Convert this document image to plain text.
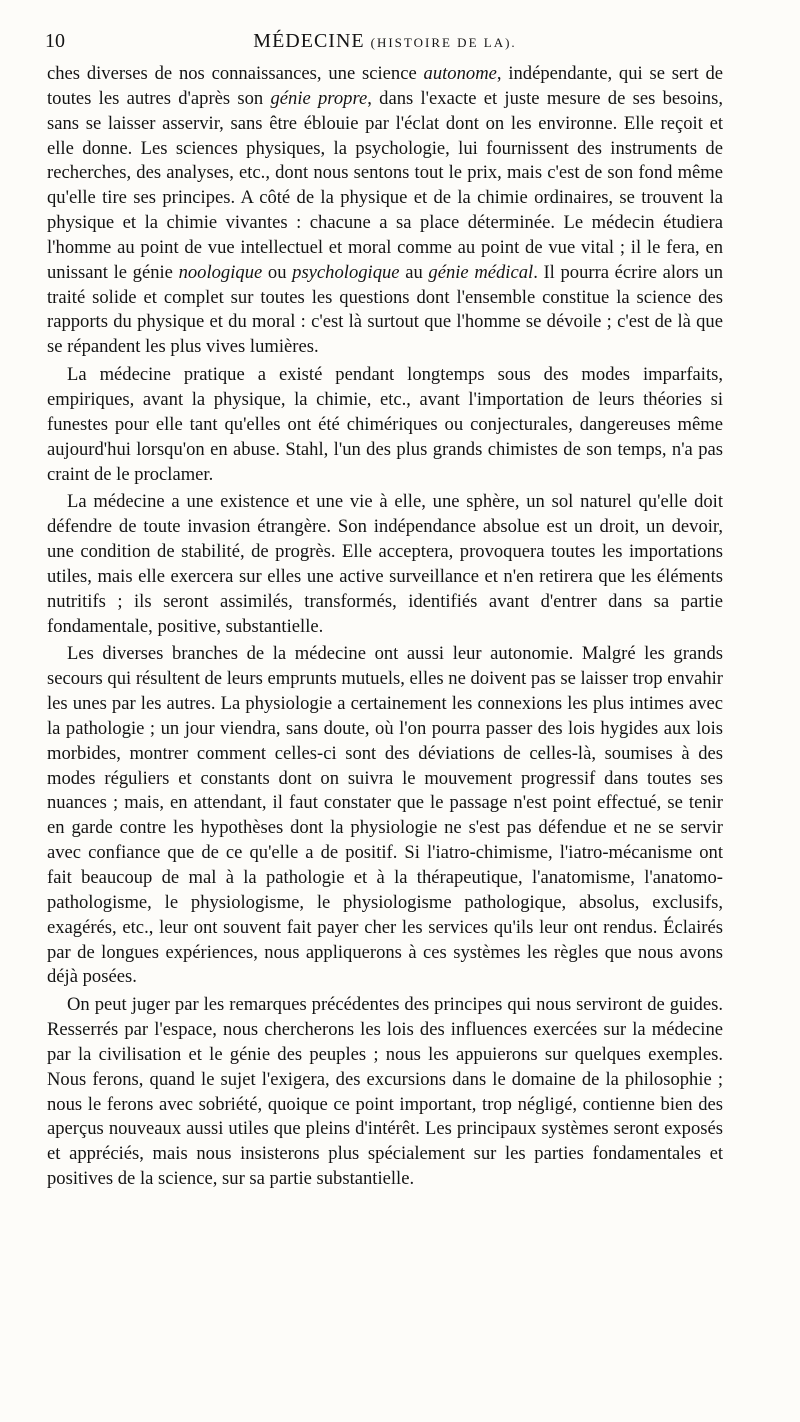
10	MÉDECINE (HISTOIRE DE LA).

ches diverses de nos connaissances, une science autonome, indépendante, qui se sert de toutes les autres d'après son génie propre, dans l'exacte et juste mesure de ses besoins, sans se laisser asservir, sans être éblouie par l'éclat dont on les environne. Elle reçoit et elle donne. Les sciences physiques, la psychologie, lui fournissent des instruments de recherches, des analyses, etc., dont nous sentons tout le prix, mais c'est de son fond même qu'elle tire ses principes. A côté de la physique et de la chimie ordinaires, se trouvent la physique et la chimie vivantes : chacune a sa place déterminée. Le médecin étudiera l'homme au point de vue intellectuel et moral comme au point de vue vital ; il le fera, en unissant le génie noologique ou psychologique au génie médical. Il pourra écrire alors un traité solide et complet sur toutes les questions dont l'ensemble constitue la science des rapports du physique et du moral : c'est là surtout que l'homme se dévoile ; c'est de là que se répandent les plus vives lumières.

La médecine pratique a existé pendant longtemps sous des modes imparfaits, empiriques, avant la physique, la chimie, etc., avant l'importation de leurs théories si funestes pour elle tant qu'elles ont été chimériques ou conjecturales, dangereuses même aujourd'hui lorsqu'on en abuse. Stahl, l'un des plus grands chimistes de son temps, n'a pas craint de le proclamer.

La médecine a une existence et une vie à elle, une sphère, un sol naturel qu'elle doit défendre de toute invasion étrangère. Son indépendance absolue est un droit, un devoir, une condition de stabilité, de progrès. Elle acceptera, provoquera toutes les importations utiles, mais elle exercera sur elles une active surveillance et n'en retirera que les éléments nutritifs ; ils seront assimilés, transformés, identifiés avant d'entrer dans sa partie fondamentale, positive, substantielle.

Les diverses branches de la médecine ont aussi leur autonomie. Malgré les grands secours qui résultent de leurs emprunts mutuels, elles ne doivent pas se laisser trop envahir les unes par les autres. La physiologie a certainement les connexions les plus intimes avec la pathologie ; un jour viendra, sans doute, où l'on pourra passer des lois hygides aux lois morbides, montrer comment celles-ci sont des déviations de celles-là, soumises à des modes réguliers et constants dont on suivra le mouvement progressif dans toutes ses nuances ; mais, en attendant, il faut constater que le passage n'est point effectué, se tenir en garde contre les hypothèses dont la physiologie ne s'est pas défendue et ne se servir avec confiance que de ce qu'elle a de positif. Si l'iatro-chimisme, l'iatro-mécanisme ont fait beaucoup de mal à la pathologie et à la thérapeutique, l'anatomisme, l'anatomo-pathologisme, le physiologisme, le physiologisme pathologique, absolus, exclusifs, exagérés, etc., leur ont souvent fait payer cher les services qu'ils leur ont rendus. Éclairés par de longues expériences, nous appliquerons à ces systèmes les règles que nous avons déjà posées.

On peut juger par les remarques précédentes des principes qui nous serviront de guides. Resserrés par l'espace, nous chercherons les lois des influences exercées sur la médecine par la civilisation et le génie des peuples ; nous les appuierons sur quelques exemples. Nous ferons, quand le sujet l'exigera, des excursions dans le domaine de la philosophie ; nous le ferons avec sobriété, quoique ce point important, trop négligé, contienne bien des aperçus nouveaux aussi utiles que pleins d'intérêt. Les principaux systèmes seront exposés et appréciés, mais nous insisterons plus spécialement sur les parties fondamentales et positives de la science, sur sa partie substantielle.
